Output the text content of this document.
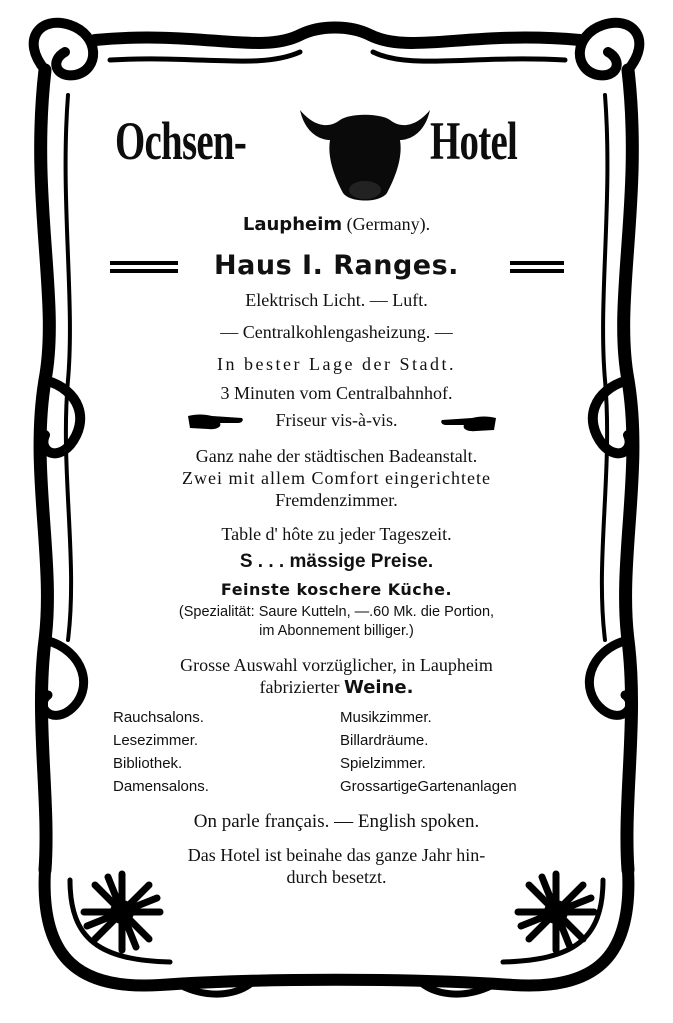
Ochsen-	Hotel
Laupheim (Germany).
Haus I. Ranges.
Elektrisch Licht. — Luft.
— Centralkohlengasheizung. —
In bester Lage der Stadt.
3 Minuten vom Centralbahnhof.
Friseur vis-à-vis.
Ganz nahe der städtischen Badeanstalt.
Zwei mit allem Comfort eingerichtete
Fremdenzimmer.
Table d' hôte zu jeder Tageszeit.
S . . . mässige Preise.
Feinste koschere Küche.
(Spezialität: Saure Kutteln, —.60 Mk. die Portion,
im Abonnement billiger.)
Grosse Auswahl vorzüglicher, in Laupheim
fabrizierter Weine.
Rauchsalons.
Lesezimmer.
Bibliothek.
Damensalons.
Musikzimmer.
Billardräume.
Spielzimmer.
GrossartigeGartenanlagen
On parle français. — English spoken.
Das Hotel ist beinahe das ganze Jahr hin-
durch besetzt.
